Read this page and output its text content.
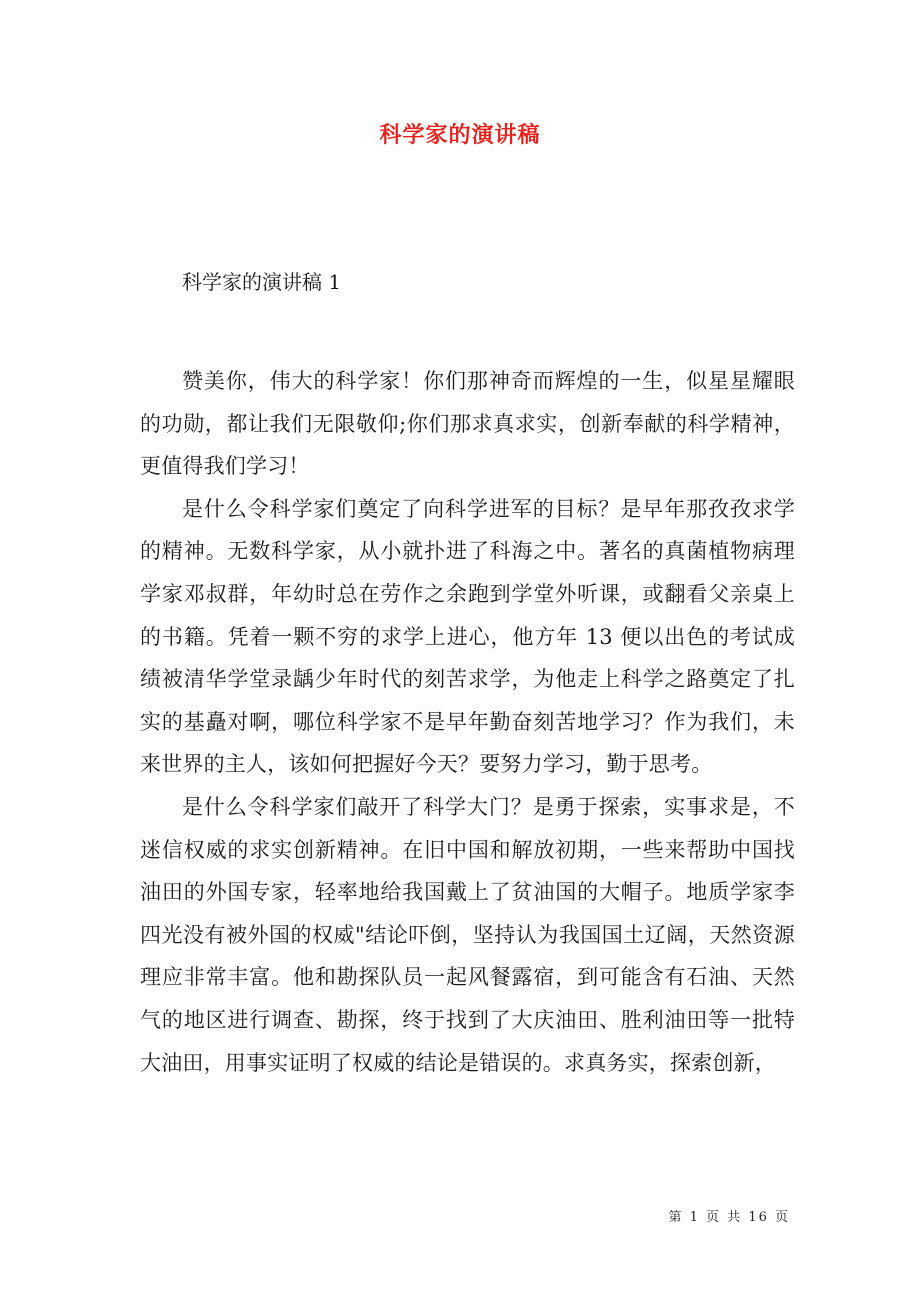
科学家的演讲稿
科学家的演讲稿 1

赞美你，伟大的科学家！你们那神奇而辉煌的一生，似星星耀眼的功勋，都让我们无限敬仰;你们那求真求实，创新奉献的科学精神，更值得我们学习！

是什么令科学家们奠定了向科学进军的目标？是早年那孜孜求学的精神。无数科学家，从小就扑进了科海之中。著名的真菌植物病理学家邓叔群，年幼时总在劳作之余跑到学堂外听课，或翻看父亲桌上的书籍。凭着一颗不穷的求学上进心，他方年 13 便以出色的考试成绩被清华学堂录龋少年时代的刻苦求学，为他走上科学之路奠定了扎实的基矗对啊，哪位科学家不是早年勤奋刻苦地学习？作为我们，未来世界的主人，该如何把握好今天？要努力学习，勤于思考。

是什么令科学家们敲开了科学大门？是勇于探索，实事求是，不迷信权威的求实创新精神。在旧中国和解放初期，一些来帮助中国找油田的外国专家，轻率地给我国戴上了贫油国的大帽子。地质学家李四光没有被外国的权威"结论吓倒，坚持认为我国国土辽阔，天然资源理应非常丰富。他和勘探队员一起风餐露宿，到可能含有石油、天然气的地区进行调查、勘探，终于找到了大庆油田、胜利油田等一批特大油田，用事实证明了权威的结论是错误的。求真务实，探索创新，

第 1 页 共 16 页
